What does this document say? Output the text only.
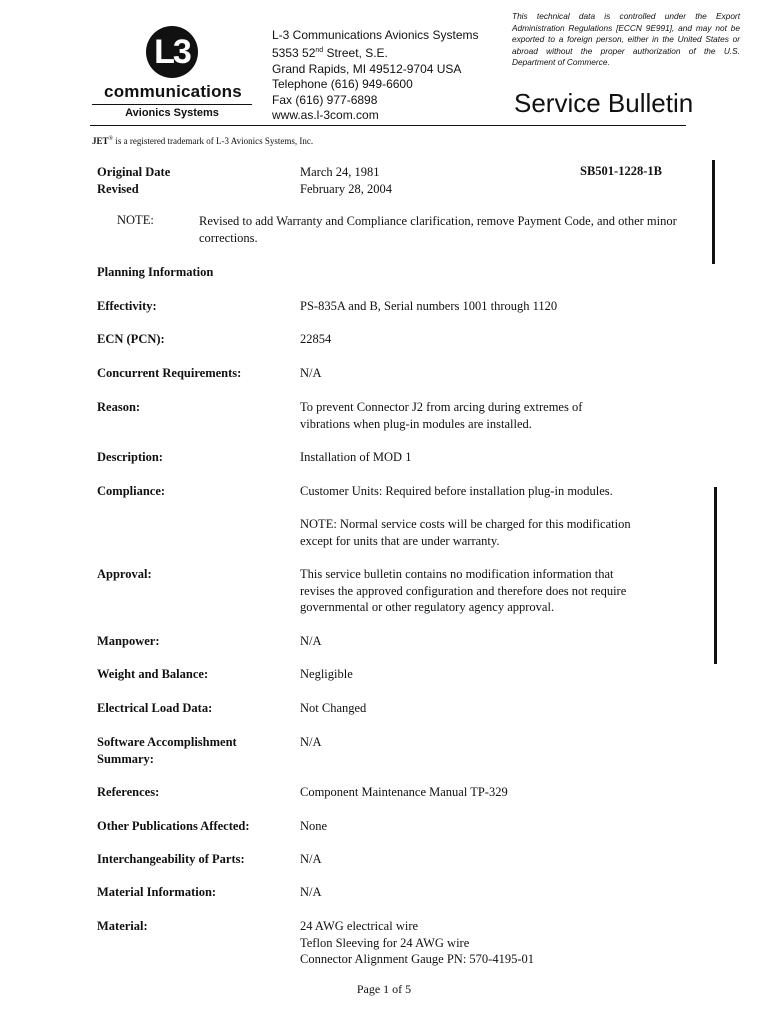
L3
communications
Avionics Systems
L-3 Communications Avionics Systems
5353 52nd Street, S.E.
Grand Rapids, MI 49512-9704 USA
Telephone (616) 949-6600
Fax (616) 977-6898
www.as.l-3com.com
This technical data is controlled under the Export Administration Regulations [ECCN 9E991], and may not be exported to a foreign person, either in the United States or abroad without the proper authorization of the U.S. Department of Commerce.
Service Bulletin
JET® is a registered trademark of L-3 Avionics Systems, Inc.
Original Date	March 24, 1981	SB501-1228-1B
Revised	February 28, 2004
NOTE:	Revised to add Warranty and Compliance clarification, remove Payment Code, and other minor corrections.
Planning Information
Effectivity:	PS-835A and B, Serial numbers 1001 through 1120
ECN (PCN):	22854
Concurrent Requirements:	N/A
Reason:	To prevent Connector J2 from arcing during extremes of
vibrations when plug-in modules are installed.
Description:	Installation of MOD 1
Compliance:	Customer Units: Required before installation plug-in modules.
NOTE: Normal service costs will be charged for this modification
except for units that are under warranty.
Approval:	This service bulletin contains no modification information that
revises the approved configuration and therefore does not require
governmental or other regulatory agency approval.
Manpower:	N/A
Weight and Balance:	Negligible
Electrical Load Data:	Not Changed
Software Accomplishment
Summary:
N/A
References:	Component Maintenance Manual TP-329
Other Publications Affected:	None
Interchangeability of Parts:	N/A
Material Information:	N/A
Material:	24 AWG electrical wire
Teflon Sleeving for 24 AWG wire
Connector Alignment Gauge PN: 570-4195-01
Page 1 of 5
